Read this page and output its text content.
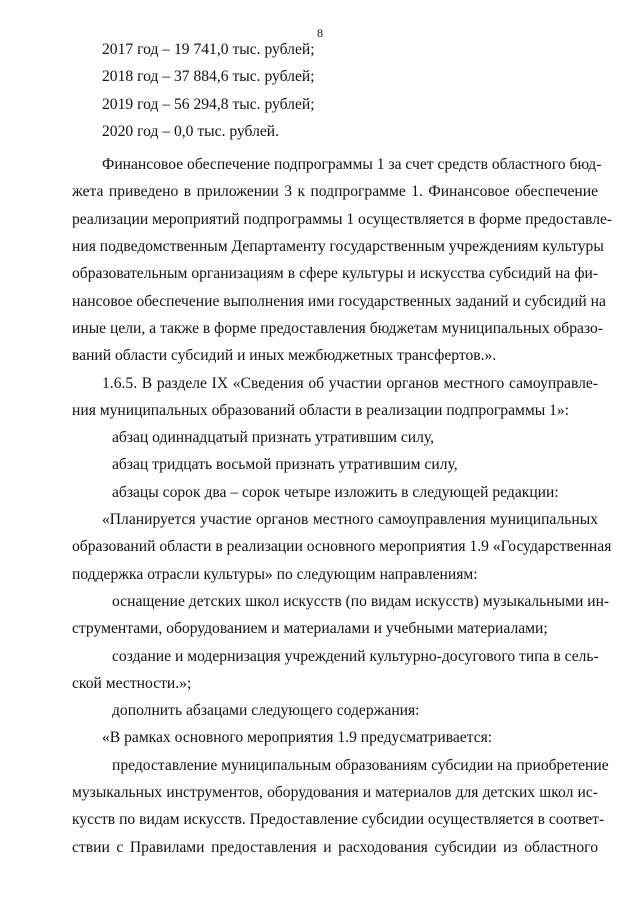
8
2017 год – 19 741,0 тыс. рублей;
2018 год – 37 884,6 тыс. рублей;
2019 год – 56 294,8 тыс. рублей;
2020 год – 0,0 тыс. рублей.
Финансовое обеспечение подпрограммы 1 за счет средств областного бюд-
жета приведено в приложении 3 к подпрограмме 1. Финансовое обеспечение
реализации мероприятий подпрограммы 1 осуществляется в форме предоставле-
ния подведомственным Департаменту государственным учреждениям культуры
образовательным организациям в сфере культуры и искусства субсидий на фи-
нансовое обеспечение выполнения ими государственных заданий и субсидий на
иные цели, а также в форме предоставления бюджетам муниципальных образо-
ваний области субсидий и иных межбюджетных трансфертов.».
1.6.5. В разделе IX «Сведения об участии органов местного самоуправле-
ния муниципальных образований области в реализации подпрограммы 1»:
абзац одиннадцатый признать утратившим силу,
абзац тридцать восьмой признать утратившим силу,
абзацы сорок два – сорок четыре изложить в следующей редакции:
«Планируется участие органов местного самоуправления муниципальных
образований области в реализации основного мероприятия 1.9 «Государственная
поддержка отрасли культуры» по следующим направлениям:
оснащение детских школ искусств (по видам искусств) музыкальными ин-
струментами, оборудованием и материалами и учебными материалами;
создание и модернизация учреждений культурно-досугового типа в сель-
ской местности.»;
дополнить абзацами следующего содержания:
«В рамках основного мероприятия 1.9 предусматривается:
предоставление муниципальным образованиям субсидии на приобретение
музыкальных инструментов, оборудования и материалов для детских школ ис-
кусств по видам искусств. Предоставление субсидии осуществляется в соответ-
ствии с Правилами предоставления и расходования субсидии из областного
